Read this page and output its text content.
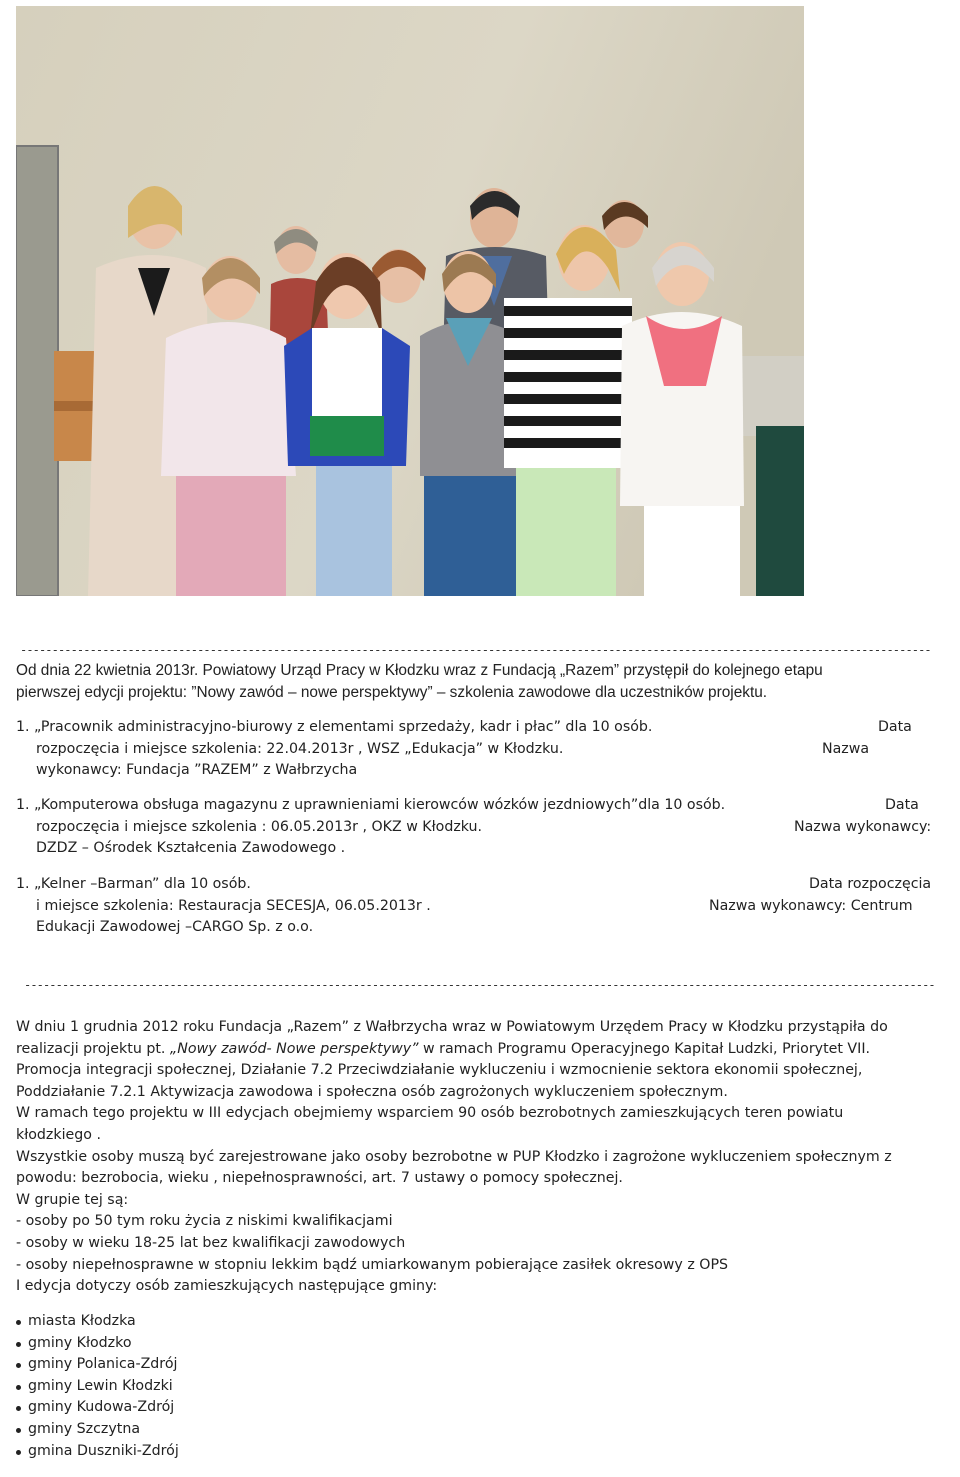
------------------------------------------------------------------------------------------------------------------------------------------------
Od dnia 22 kwietnia 2013r. Powiatowy Urząd Pracy w Kłodzku wraz z Fundacją „Razem” przystępił do kolejnego etapu
pierwszej edycji projektu: ”Nowy zawód – nowe perspektywy” – szkolenia zawodowe dla uczestników projektu.
1. „Pracownik administracyjno-biurowy z elementami sprzedaży, kadr i płac” dla 10 osób.	Data
rozpoczęcia i miejsce szkolenia: 22.04.2013r , WSZ „Edukacja” w Kłodzku.	Nazwa
wykonawcy: Fundacja ”RAZEM” z Wałbrzycha
1. „Komputerowa obsługa magazynu z uprawnieniami kierowców wózków jezdniowych”dla 10 osób.	Data
rozpoczęcia i miejsce szkolenia : 06.05.2013r , OKZ w Kłodzku.	Nazwa wykonawcy:
DZDZ – Ośrodek Kształcenia Zawodowego .
1. „Kelner –Barman” dla 10 osób.	Data rozpoczęcia
i miejsce szkolenia: Restauracja SECESJA, 06.05.2013r .	Nazwa wykonawcy: Centrum
Edukacji Zawodowej –CARGO Sp. z o.o.
------------------------------------------------------------------------------------------------------------------------------------------------
W dniu 1 grudnia 2012 roku Fundacja „Razem” z Wałbrzycha wraz w Powiatowym Urzędem Pracy w Kłodzku przystąpiła do
realizacji projektu pt. „Nowy zawód- Nowe perspektywy” w ramach Programu Operacyjnego Kapitał Ludzki, Priorytet VII.
Promocja integracji społecznej, Działanie 7.2 Przeciwdziałanie wykluczeniu i wzmocnienie sektora ekonomii społecznej,
Poddziałanie 7.2.1 Aktywizacja zawodowa i społeczna osób zagrożonych wykluczeniem społecznym.
W ramach tego projektu w III edycjach obejmiemy wsparciem 90 osób bezrobotnych zamieszkujących teren powiatu
kłodzkiego .
Wszystkie osoby muszą być zarejestrowane jako osoby bezrobotne w PUP Kłodzko i zagrożone wykluczeniem społecznym z
powodu: bezrobocia, wieku , niepełnosprawności, art. 7 ustawy o pomocy społecznej.
W grupie tej są:
- osoby po 50 tym roku życia z niskimi kwalifikacjami
- osoby w wieku 18-25 lat bez kwalifikacji zawodowych
- osoby niepełnosprawne w stopniu lekkim bądź umiarkowanym pobierające zasiłek okresowy z OPS
I edycja dotyczy osób zamieszkujących następujące gminy:
miasta Kłodzka
gminy Kłodzko
gminy Polanica-Zdrój
gminy Lewin Kłodzki
gminy Kudowa-Zdrój
gminy Szczytna
gmina Duszniki-Zdrój
